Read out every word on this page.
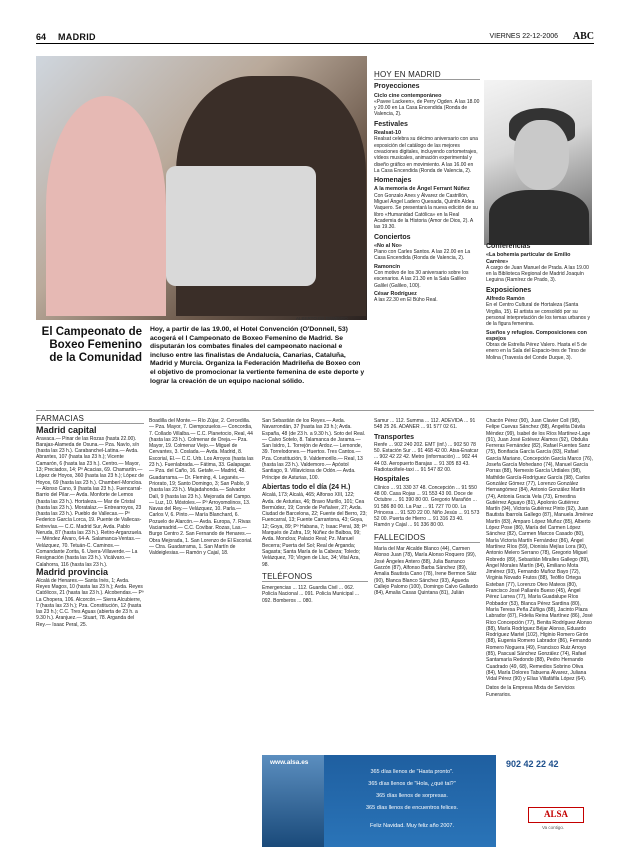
64 MADRID	VIERNES 22-12-2006 ABC
ALBERTO DE DOMINGO
El Campeonato de Boxeo Femenino de la Comunidad
Hoy, a partir de las 19.00, el Hotel Convención (O'Donnell, 53) acogerá el I Campeonato de Boxeo Femenino de Madrid. Se disputarán los combates finales del campeonato nacional e incluso entre las finalistas de Andalucía, Canarias, Cataluña, Madrid y Murcia. Organiza la Federación Madrileña de Boxeo con el objetivo de promocionar la vertiente femenina de este deporte y lograr la creación de un equipo nacional sólido.
HOY EN MADRID
Proyecciones
Ciclo cine contemporáneo

«Pavee Lackeen», de Perry Ogden. A las 18.00 y 20.00 en La Casa Encendida (Ronda de Valencia, 2).

Festivales
Realsat-10

Realsat celebra su décimo aniversario con una exposición del catálogo de las mejores creaciones digitales, incluyendo cortometrajes, vídeos musicales, animación experimental y diseño gráfico en movimiento. A las 16.00 en La Casa Encendida (Ronda de Valencia, 2).

Homenajes
A la memoria de Ángel Ferrant Núñez

Con Gonzalo Anes y Álvarez de Castrillón, Miguel Ángel Ladero Quesada, Quintín Aldea Vaquero. Se presentará la nueva edición de su libro «Humanidad Católica» en la Real Academia de la Historia (Amor de Dios, 2). A las 19.30.

Conciertos
«No al No»

Piano con Carles Santos. A las 22.00 en La Casa Encendida (Ronda de Valencia, 2).

Ramoncín

Con motivo de los 30 aniversario sobre los escenarios. A las 21.30 en la Sala Galileo Galilei (Galileo, 100).

César Rodríguez

A las 22.30 en El Búho Real.

Conferencias
«La bohemia particular de Emilio Carrère»

A cargo de Juan Manuel de Prada. A las 19.00 en la Biblioteca Regional de Madrid Joaquín Leguina (Ramírez de Prado, 3).

Exposiciones
Alfredo Ramón

En el Centro Cultural de Hortaleza (Santa Virgilia, 15). El artista se consolidó por su personal interpretación de los temas urbanos y de la figura femenina.

Sueños y refugios. Composiciones con espejos

Obras de Estrella Pérez Valero. Hasta el 5 de enero en la Sala del Espacio-tres de Tirso de Molina (Travesía del Conde Duque, 3).

FARMACIAS
Madrid capital

Aravaca.— Pinar de las Rozas (hasta 22.00). Barajas-Alameda de Osuna.— Pza. Navío, s/n (hasta las 23 h.). Carabanchel-Latina.— Avda. Abrantes, 107 (hasta las 23 h.); Vicente Camarón, 6 (hasta las 23 h.). Centro.— Mayor, 13; Preciados, 14; Pº Acacias, 69. Chamartín.— López de Hoyos, 360 (hasta las 23 h.); López de Hoyos, 69 (hasta las 23 h.). Chamberí-Moncloa.— Alonso Cano, 9 (hasta las 23 h.). Fuencarral-Barrio del Pilar.— Avda. Monforte de Lemos (hasta las 23 h.). Hortaleza.— Mar de Cristal (hasta las 23 h.). Moratalaz.— Entrearroyos, 23 (hasta las 23 h.). Pueblo de Vallecas.— Pº Federico García Lorca, 19. Puente de Vallecas-Entrevías.— C.C. Madrid Sur, Avda. Pablo Neruda, 87 (hasta las 23 h.). Retiro-Arganzuela.— Méndez Álvaro, 64-A. Salamanca-Ventas.— Velázquez, 70. Tetuán-C. Caminos.— Comandante Zorita, 6. Usera-Villaverde.— La Resignación (hasta las 23 h.). Vicálvaro.— Calahorra, 116 (hasta las 23 h.).

Madrid provincia

Alcalá de Henares.— Santa Inés, 1; Avda. Reyes Magos, 10 (hasta las 23 h.); Avda. Reyes Católicos, 21 (hasta las 23 h.). Alcobendas.— Pº La Chopera, 106. Alcorcón.— Sierra Alcubierre, 7 (hasta las 23 h.); Pza. Constitución, 12 (hasta las 23 h.); C.C. Tres Aguas (abierta de 23 h. a 9.30 h.). Aranjuez.— Stuart, 78. Arganda del Rey.— Isaac Peral, 25.

Boadilla del Monte.— Río Zújar, 2. Cercedilla.— Pza. Mayor, 7. Ciempozuelos.— Concordia, 7. Collado Villalba.— C.C. Planetocio, Real, 44 (hasta las 23 h.). Colmenar de Oreja.— Pza. Mayor, 19. Colmenar Viejo.— Miguel de Cervantes, 3. Coslada.— Avda. Madrid, 8. Escorial, El.— C.C. Urb. Los Arroyos (hasta las 23 h.). Fuenlabrada.— Fátima, 33. Galapagar.— Pza. del Caño, 16. Getafe.— Madrid, 48. Guadarrama.— Dr. Fleming, 4. Leganés.— Priorato, 19; Santo Domingo, 3; San Pablo, 9 (hasta las 23 h.). Majadahonda.— Salvador Dalí, 9 (hasta las 23 h.). Mejorada del Campo.— Luz, 10. Móstoles.— Pº Arroyomolinos, 13. Navas del Rey.— Velázquez, 10. Parla.— Carlos V, 6. Pinto.— María Blanchard, 6. Pozuelo de Alarcón.— Avda. Europa, 7. Rivas Vaciamadrid.— C.C. Covibar. Rozas, Las.— Burgo Centro 2. San Fernando de Henares.— Obra Mejorada, 1. San Lorenzo de El Escorial.— Ctra. Guadarrama, 1. San Martín de Valdeiglesias.— Ramón y Cajal, 18.

San Sebastián de los Reyes.— Avda. Navarrondán, 37 (hasta las 23 h.); Avda. España, 48 (de 23 h. a 9.30 h.). Soto del Real.— Calvo Sotelo, 8. Talamanca de Jarama.— San Isidro, 1. Torrejón de Ardoz.— Lemonde, 39. Torrelodones.— Huertos. Tres Cantos.— Pza. Constitución, 9. Valdemorillo.— Real, 13 (hasta las 23 h.). Valdemoro.— Apóstol Santiago, 9. Villaviciosa de Odón.— Avda. Príncipe de Asturias, 100.

Abiertas todo el día (24 H.)

Alcalá, 173; Alcalá, 465; Alfonso XIII, 122; Avda. de Asturias, 46; Bravo Murillo, 101; Cea Bermúdez, 19; Conde de Peñalver, 27; Avda. Ciudad de Barcelona, 22; Fuente del Berro, 23; Fuencarral, 13; Fuente Carrantona, 43; Goya, 12; Goya, 89; Pº Habana, 7; Isaac Peral, 38; Pº Marqués de Zafra, 19; Núñez de Balboa, 99; Avda. Moncloa; Palacio Real; Pz. Manuel Becerra; Puerta del Sol; Real de Arganda; Sagasta; Santa María de la Cabeza; Toledo; Velázquez, 70; Virgen de Lluc, 34; Vital Aza, 98.

TELÉFONOS

Emergencias ... 112. Guardia Civil ... 062. Policía Nacional ... 091. Policía Municipal ... 092. Bomberos ... 080.

Samur ... 112. Summa ... 112. ADEVIDA ... 91 548 25 26. ADANER ... 91 577 02 61.

Transportes

Renfe ... 902 240 202. EMT (inf.) ... 902 50 78 50. Estación Sur ... 91 468 42 00. Atsa-Enatcar ... 902 42 22 42. Metro (información) ... 902 44 44 03. Aeropuerto Barajas ... 91 305 83 43. Radiotaxi/tele-taxi ... 91 547 82 00.

Hospitales

Clínico ... 91 330 37 48. Concepción ... 91 550 48 00. Casa Rojas ... 91 553 43 00. Doce de Octubre ... 91 390 80 00. Gregorio Marañón ... 91 586 80 00. La Paz ... 91 727 70 00. La Princesa ... 91 520 22 00. Niño Jesús ... 91 573 52 00. Puerta de Hierro ... 91 316 23 40. Ramón y Cajal ... 91 336 80 00.

FALLECIDOS

María del Mar Alcalde Blanco (44), Carmen Alonso Juan (78), María Alonso Roquero (99), José Ángeles Antero (88), Julia Barranco Garzón (87), Alfonso Barba Sánchez (89), Amalia Bautista Cano (78), Irene Bermon Sáiz (90), Blanca Blanco Sánchez (93), Águeda Callejo Palomo (100), Domingo Calvo Gallardo (84), Amalia Casas Quintana (81), Julián

Chacón Pérez (90), Juan Clavier Coll (98), Felipe Cuevas Sánchez (88), Angelita Dávila Méndez (99), Isabel de los Ríos Martínez-Lage (91), Juan José Estévez Álamos (92), Obdulia Ferreras Fernández (82), Rafael Fuentes Sanz (75), Bonifacia García García (83), Rafael García Mariano, Concepción García Marco (76), Josefa García Mohedano (74), Manuel García Porras (88), Nemesio García Urdiales (98), Mathilde García-Rodríguez García (98), Carlos González Gómez (77), Lorenzo González Hernangómez (84), Antonio González Martín (74), Antonia Gracia Vela (73), Ernestina Gutiérrez Aguayo (81), Apolonio Gutiérrez Martín (94), Victoria Gutiérrez Pinto (92), Juan Bautista Ibarrola Gallego (87), Manuela Jiménez Martín (83), Amparo López Muñoz (85), Alberto López Pose (86), María del Carmen López Sánchez (82), Carmen Marcos Casado (80), María Victoria Martín Fernández (86), Ángel Martínez Ríos (59), Dionisia Mejías Lora (90), Antonio Melero Serrano (78), Gregorio Miguel Robredo (89), Sebastián Miralles Gallego (89), Ángel Morales Martín (84), Emiliano Mota Jiménez (93), Fernando Muñoz Bayo (72), Virginia Novado Frutos (88), Teófilo Ortega Esteban (77), Lorenzo Oteo Mateos (80), Francisco José Pallarés Bueso (45), Ángel Pérez Larrea (77), María Guadalupe Ríos Pobbador (53), Blanca Pérez Sardina (80), María Teresa Peña Zúñiga (88), Jacinto Plaza Labrador (87), Fidelia Reina Martínez (86), José Rico Concepción (77), Benita Rodríguez Alonso (88), María Rodríguez Béjar Alonso, Eduardo Rodríguez Martel (102), Higinio Romero Girón (88), Eugenia Romero Labrador (86), Fernando Romero Noguera (49), Francisco Ruiz Arroyo (85), Pascual Sánchez González (74), Rafael Santamaría Redondo (88), Pedro Hernando Cuadrado (49, 68), Remedios Sobrino Oliva (84), María Dolores Tabuena Álvarez, Juliana Vidal Pérez (90) y Elías Villafáfila López (64).

Datos de la Empresa Mixta de Servicios Funerarios.

www.alsa.es
365 días llenos de "Hasta pronto".
365 días llenos de "Hola, ¿qué tal?"
365 días llenos de sorpresas.
365 días llenos de encuentros felices.
Feliz Navidad. Muy feliz año 2007.
902 42 22 42
ALSA
Va contigo.
